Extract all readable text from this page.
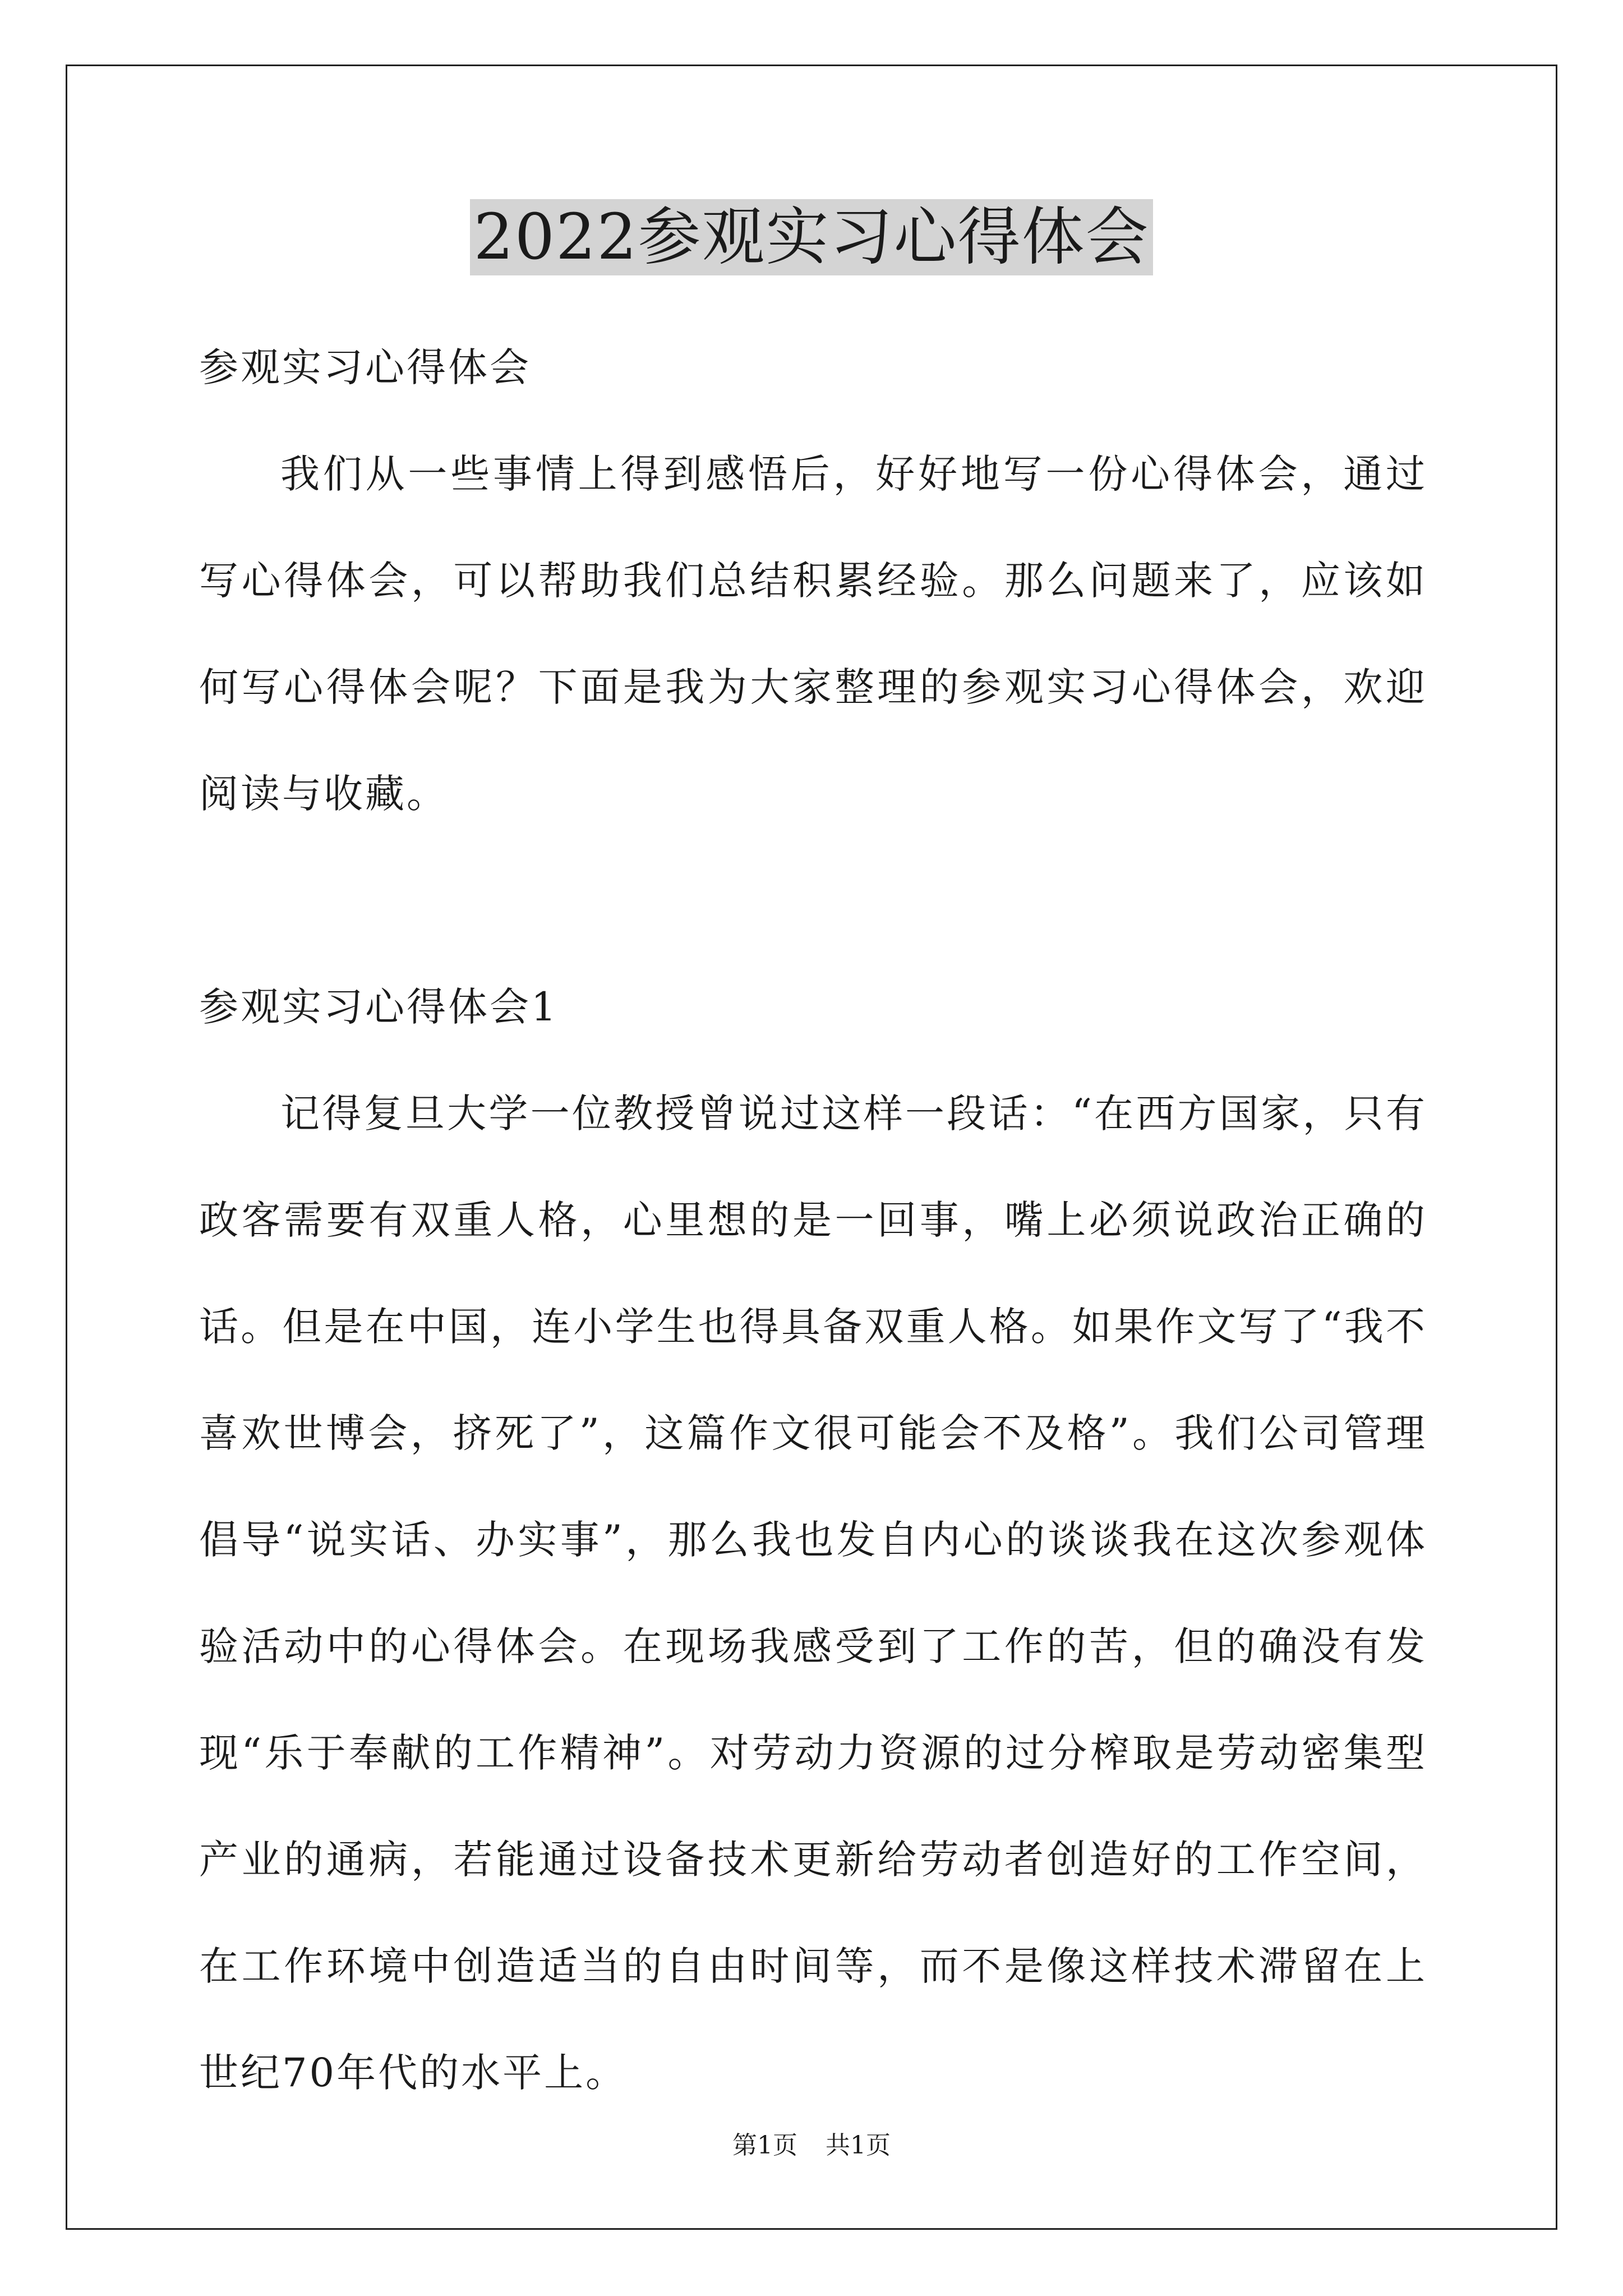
2022参观实习心得体会

参观实习心得体会

我们从一些事情上得到感悟后，好好地写一份心得体会，通过写心得体会，可以帮助我们总结积累经验。那么问题来了，应该如何写心得体会呢？下面是我为大家整理的参观实习心得体会，欢迎阅读与收藏。

参观实习心得体会1

记得复旦大学一位教授曾说过这样一段话：“在西方国家，只有政客需要有双重人格，心里想的是一回事，嘴上必须说政治正确的话。但是在中国，连小学生也得具备双重人格。如果作文写了“我不喜欢世博会，挤死了”，这篇作文很可能会不及格”。我们公司管理倡导“说实话、办实事”，那么我也发自内心的谈谈我在这次参观体验活动中的心得体会。在现场我感受到了工作的苦，但的确没有发现“乐于奉献的工作精神”。对劳动力资源的过分榨取是劳动密集型产业的通病，若能通过设备技术更新给劳动者创造好的工作空间，在工作环境中创造适当的自由时间等，而不是像这样技术滞留在上世纪70年代的水平上。

第1页 共1页
